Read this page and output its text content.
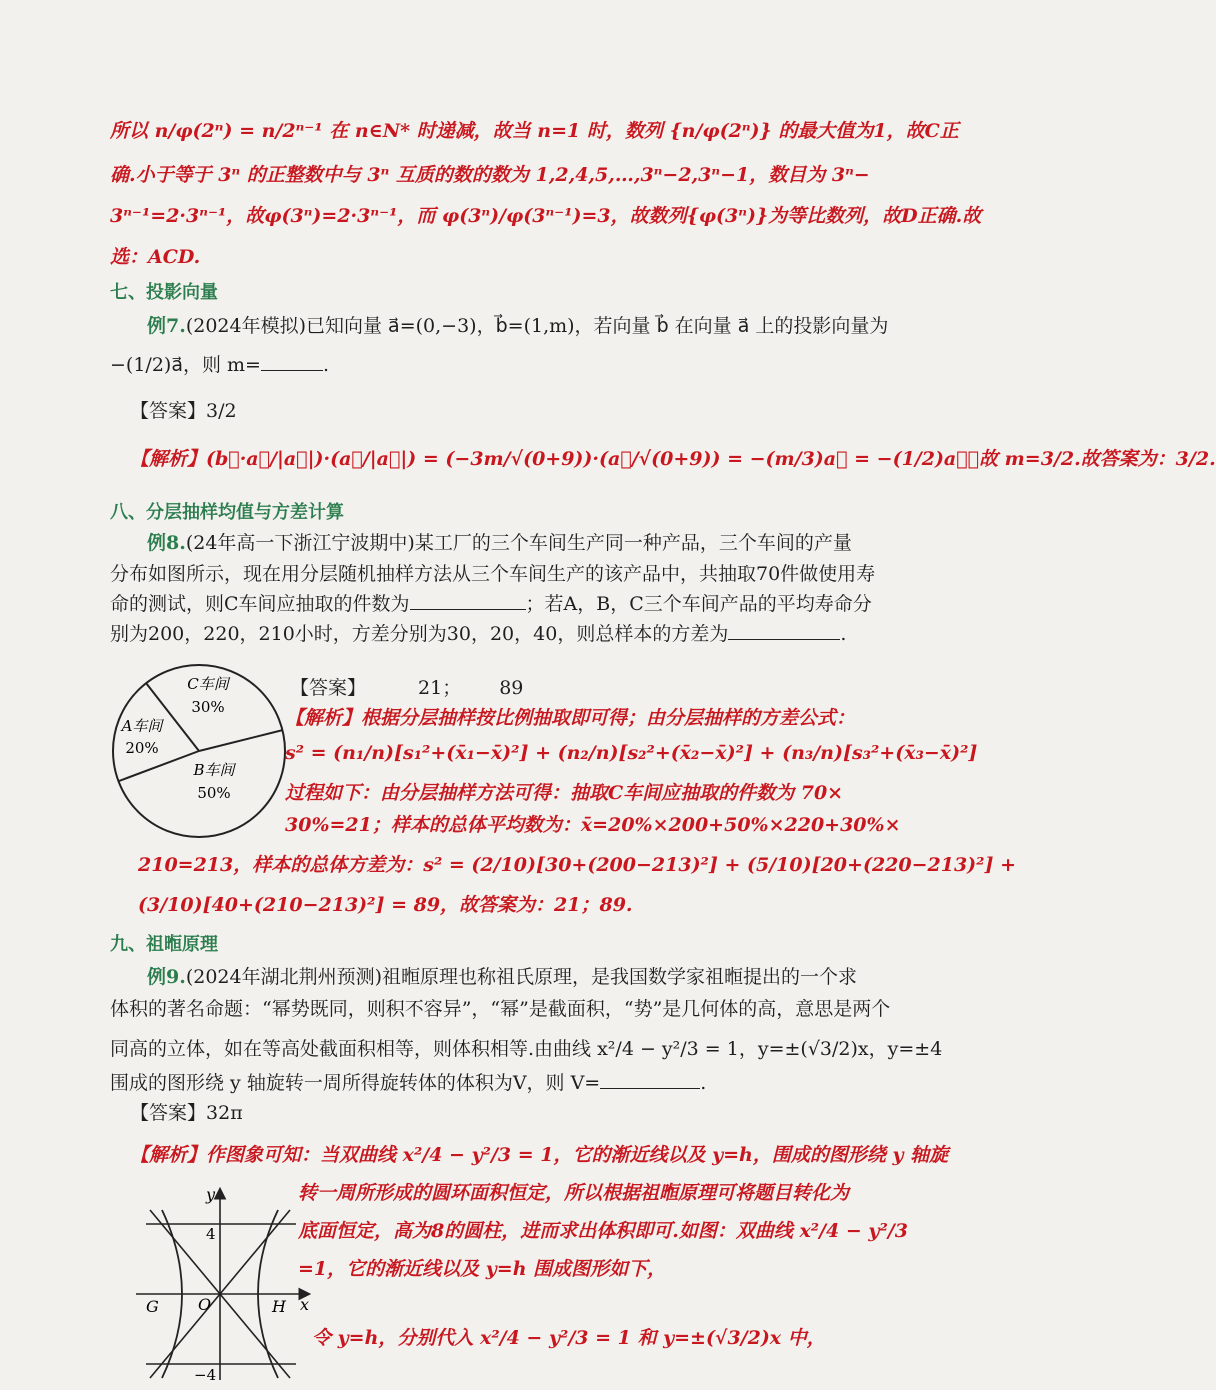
所以 n/φ(2ⁿ) = n/2ⁿ⁻¹ 在 n∈N* 时递减，故当 n=1 时，数列 {n/φ(2ⁿ)} 的最大值为1，故C正
确.小于等于 3ⁿ 的正整数中与 3ⁿ 互质的数的数为 1,2,4,5,…,3ⁿ−2,3ⁿ−1，数目为 3ⁿ−
3ⁿ⁻¹=2·3ⁿ⁻¹，故φ(3ⁿ)=2·3ⁿ⁻¹，而 φ(3ⁿ)/φ(3ⁿ⁻¹)=3，故数列{φ(3ⁿ)}为等比数列，故D正确.故
选：ACD.
七、投影向量
例7.(2024年模拟)已知向量 a⃗=(0,−3)，b⃗=(1,m)，若向量 b⃗ 在向量 a⃗ 上的投影向量为
−(1/2)a⃗，则 m=	.
【答案】3/2
【解析】(b⃗·a⃗/|a⃗|)·(a⃗/|a⃗|) = (−3m/√(0+9))·(a⃗/√(0+9)) = −(m/3)a⃗ = −(1/2)a⃗，故 m=3/2.故答案为：3/2.
八、分层抽样均值与方差计算
例8.(24年高一下浙江宁波期中)某工厂的三个车间生产同一种产品，三个车间的产量
分布如图所示，现在用分层随机抽样方法从三个车间生产的该产品中，共抽取70件做使用寿
命的测试，则C车间应抽取的件数为	；若A，B，C三个车间产品的平均寿命分
别为200，220，210小时，方差分别为30，20，40，则总样本的方差为	.
C车间
30%
A车间
20%
B车间
50%
【答案】	21； 89
【解析】根据分层抽样按比例抽取即可得；由分层抽样的方差公式：
s² = (n₁/n)[s₁²+(x̄₁−x̄)²] + (n₂/n)[s₂²+(x̄₂−x̄)²] + (n₃/n)[s₃²+(x̄₃−x̄)²]
过程如下：由分层抽样方法可得：抽取C车间应抽取的件数为 70×
30%=21；样本的总体平均数为：x̄=20%×200+50%×220+30%×
210=213，样本的总体方差为：s² = (2/10)[30+(200−213)²] + (5/10)[20+(220−213)²] +
(3/10)[40+(210−213)²] = 89，故答案为：21；89.
九、祖暅原理
例9.(2024年湖北荆州预测)祖暅原理也称祖氏原理，是我国数学家祖暅提出的一个求
体积的著名命题：“幂势既同，则积不容异”，“幂”是截面积，“势”是几何体的高，意思是两个
同高的立体，如在等高处截面积相等，则体积相等.由曲线 x²/4 − y²/3 = 1，y=±(√3/2)x，y=±4
围成的图形绕 y 轴旋转一周所得旋转体的体积为V，则 V=	.
【答案】32π
【解析】作图象可知：当双曲线 x²/4 − y²/3 = 1，它的渐近线以及 y=h，围成的图形绕 y 轴旋
转一周所形成的圆环面积恒定，所以根据祖暅原理可将题目转化为
底面恒定，高为8的圆柱，进而求出体积即可.如图：双曲线 x²/4 − y²/3
=1，它的渐近线以及 y=h 围成图形如下，
令 y=h，分别代入 x²/4 − y²/3 = 1 和 y=±(√3/2)x 中，
y
x
4
−4
O
G	H
